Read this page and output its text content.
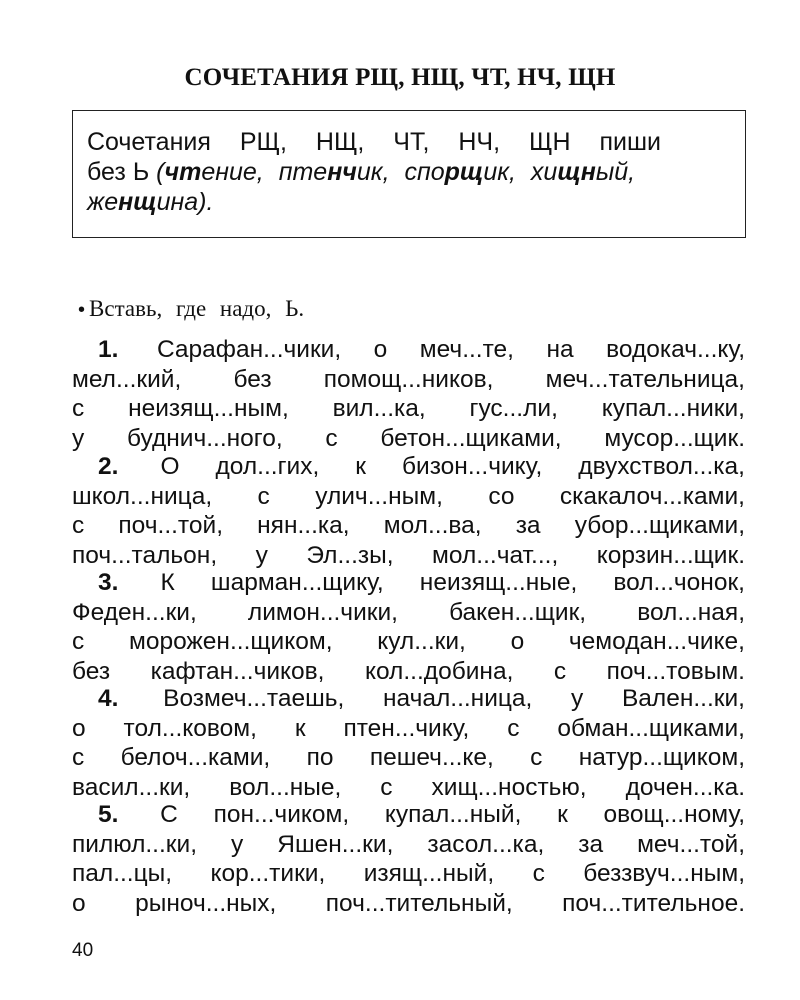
СОЧЕТАНИЯ РЩ, НЩ, ЧТ, НЧ, ЩН
Сочетания РЩ, НЩ, ЧТ, НЧ, ЩН пиши
без Ь (чтение, птенчик, спорщик, хищный,
женщина).
• Вставь, где надо, Ь.
1. Сарафан...чики, о меч...те, на водокач...ку,
мел...кий, без помощ...ников, меч...тательница,
с неизящ...ным, вил...ка, гус...ли, купал...ники,
у буднич...ного, с бетон...щиками, мусор...щик.
2. О дол...гих, к бизон...чику, двухствол...ка,
школ...ница, с улич...ным, со скакалоч...ками,
с поч...той, нян...ка, мол...ва, за убор...щиками,
поч...тальон, у Эл...зы, мол...чат..., корзин...щик.
3. К шарман...щику, неизящ...ные, вол...чонок,
Феден...ки, лимон...чики, бакен...щик, вол...ная,
с морожен...щиком, кул...ки, о чемодан...чике,
без кафтан...чиков, кол...добина, с поч...товым.
4. Возмеч...таешь, начал...ница, у Вален...ки,
о тол...ковом, к птен...чику, с обман...щиками,
с белоч...ками, по пешеч...ке, с натур...щиком,
васил...ки, вол...ные, с хищ...ностью, дочен...ка.
5. С пон...чиком, купал...ный, к овощ...ному,
пилюл...ки, у Яшен...ки, засол...ка, за меч...той,
пал...цы, кор...тики, изящ...ный, с беззвуч...ным,
о рыноч...ных, поч...тительный, поч...тительное.
40
